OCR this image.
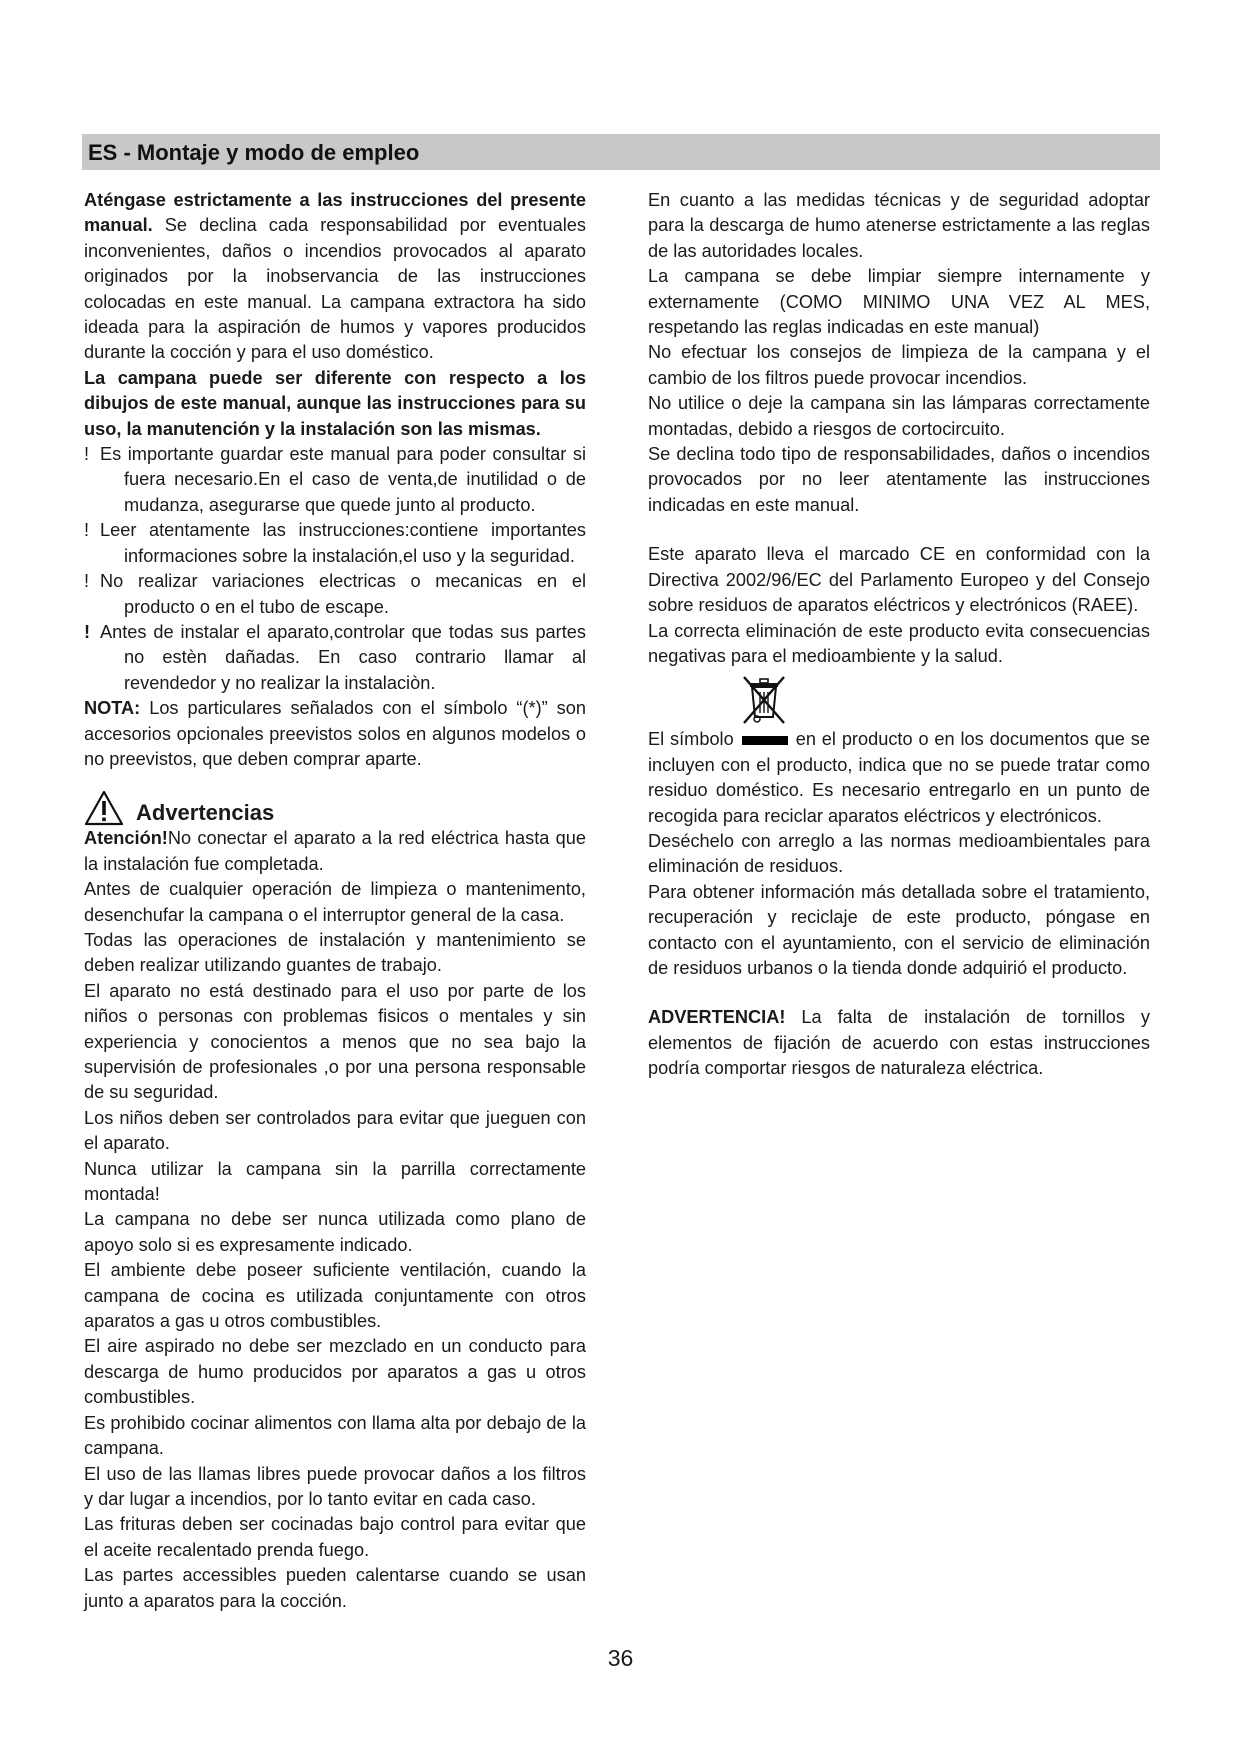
ES - Montaje y modo de empleo

Aténgase estrictamente a las instrucciones del presente manual. Se declina cada responsabilidad por eventuales inconvenientes, daños o incendios provocados al aparato originados por la inobservancia de las instrucciones colocadas en este manual. La campana extractora ha sido ideada para la aspiración de humos y vapores producidos durante la cocción y para el uso doméstico.

La campana puede ser diferente con respecto a los dibujos de este manual, aunque las instrucciones para su uso, la manutención y la instalación son las mismas.

! Es importante guardar este manual para poder consultar si fuera necesario.En el caso de venta,de inutilidad o de mudanza, asegurarse que quede junto al producto.

! Leer atentamente las instrucciones:contiene importantes informaciones sobre la instalación,el uso y la seguridad.

! No realizar variaciones electricas o mecanicas en el producto o en el tubo de escape.

! Antes de instalar el aparato,controlar que todas sus partes no estèn dañadas. En caso contrario llamar al revendedor y no realizar la instalaciòn.

NOTA: Los particulares señalados con el símbolo “(*)” son accesorios opcionales preevistos solos en algunos modelos o no preevistos, que deben comprar aparte.

Advertencias

Atención!No conectar el aparato a la red eléctrica hasta que la instalación fue completada.

Antes de cualquier operación de limpieza o mantenimento, desenchufar la campana o el interruptor general de la casa.

Todas las operaciones de instalación y mantenimiento se deben realizar utilizando guantes de trabajo.

El aparato no está destinado para el uso por parte de los niños o personas con problemas fisicos o mentales y sin experiencia y conocientos a menos que no sea bajo la supervisión de profesionales ,o por una persona responsable de su seguridad.

Los niños deben ser controlados para evitar que jueguen con el aparato.

Nunca utilizar la campana sin la parrilla correctamente montada!

La campana no debe ser nunca utilizada como plano de apoyo solo si es expresamente indicado.

El ambiente debe poseer suficiente ventilación, cuando la campana de cocina es utilizada conjuntamente con otros aparatos a gas u otros combustibles.

El aire aspirado no debe ser mezclado en un conducto para descarga de humo producidos por aparatos a gas u otros combustibles.

Es prohibido cocinar alimentos con llama alta por debajo de la campana.

El uso de las llamas libres puede provocar daños a los filtros y dar lugar a incendios, por lo tanto evitar en cada caso.

Las frituras deben ser cocinadas bajo control para evitar que el aceite recalentado prenda fuego.

Las partes accessibles pueden calentarse cuando se usan junto a aparatos para la cocción.

En cuanto a las medidas técnicas y de seguridad adoptar para la descarga de humo atenerse estrictamente a las reglas de las autoridades locales.

La campana se debe limpiar siempre internamente y externamente (COMO MINIMO UNA VEZ AL MES, respetando las reglas indicadas en este manual)

No efectuar los consejos de limpieza de la campana y el cambio de los filtros puede provocar incendios.

No utilice o deje la campana sin las lámparas correctamente montadas, debido a riesgos de cortocircuito.

Se declina todo tipo de responsabilidades, daños o incendios provocados por no leer atentamente las instrucciones indicadas en este manual.

Este aparato lleva el marcado CE en conformidad con la Directiva 2002/96/EC del Parlamento Europeo y del Consejo sobre residuos de aparatos eléctricos y electrónicos (RAEE).

La correcta eliminación de este producto evita consecuencias negativas para el medioambiente y la salud.

El símbolo	en el producto o en los documentos que se incluyen con el producto, indica que no se puede tratar como residuo doméstico. Es necesario entregarlo en un punto de recogida para reciclar aparatos eléctricos y electrónicos.

Deséchelo con arreglo a las normas medioambientales para eliminación de residuos.

Para obtener información más detallada sobre el tratamiento, recuperación y reciclaje de este producto, póngase en contacto con el ayuntamiento, con el servicio de eliminación de residuos urbanos o la tienda donde adquirió el producto.

ADVERTENCIA! La falta de instalación de tornillos y elementos de fijación de acuerdo con estas instrucciones podría comportar riesgos de naturaleza eléctrica.

36
